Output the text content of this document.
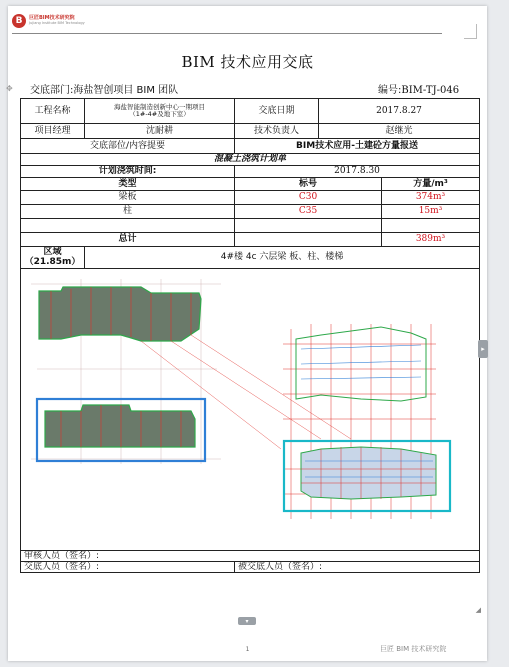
B	巨匠BIM技术研究院
Jujiang Institute BIM Technology
BIM 技术应用交底
✥ 交底部门:海盐智创项目 BIM 团队	编号:BIM-TJ-046
工程名称	海盐智能制造创新中心一期项目
（1#-4#及地下室）	交底日期	2017.8.27
项目经理	沈耐耕	技术负责人	赵继光
交底部位/内容提要		BIM技术应用-土建砼方量报送	
混凝土浇筑计划单			
计划浇筑时间:		2017.8.30	
类型		标号 方量/m³	

梁板		C30 374m³	

柱		C35 15m³	

总计		389m³	

区域（21.85m）	4#楼 4c 六层梁 板、柱、楼梯		

审核人员（签名）:			
交底人员（签名）:		被交底人员（签名）:	
▸
▾
◢
1	巨匠 BIM 技术研究院
